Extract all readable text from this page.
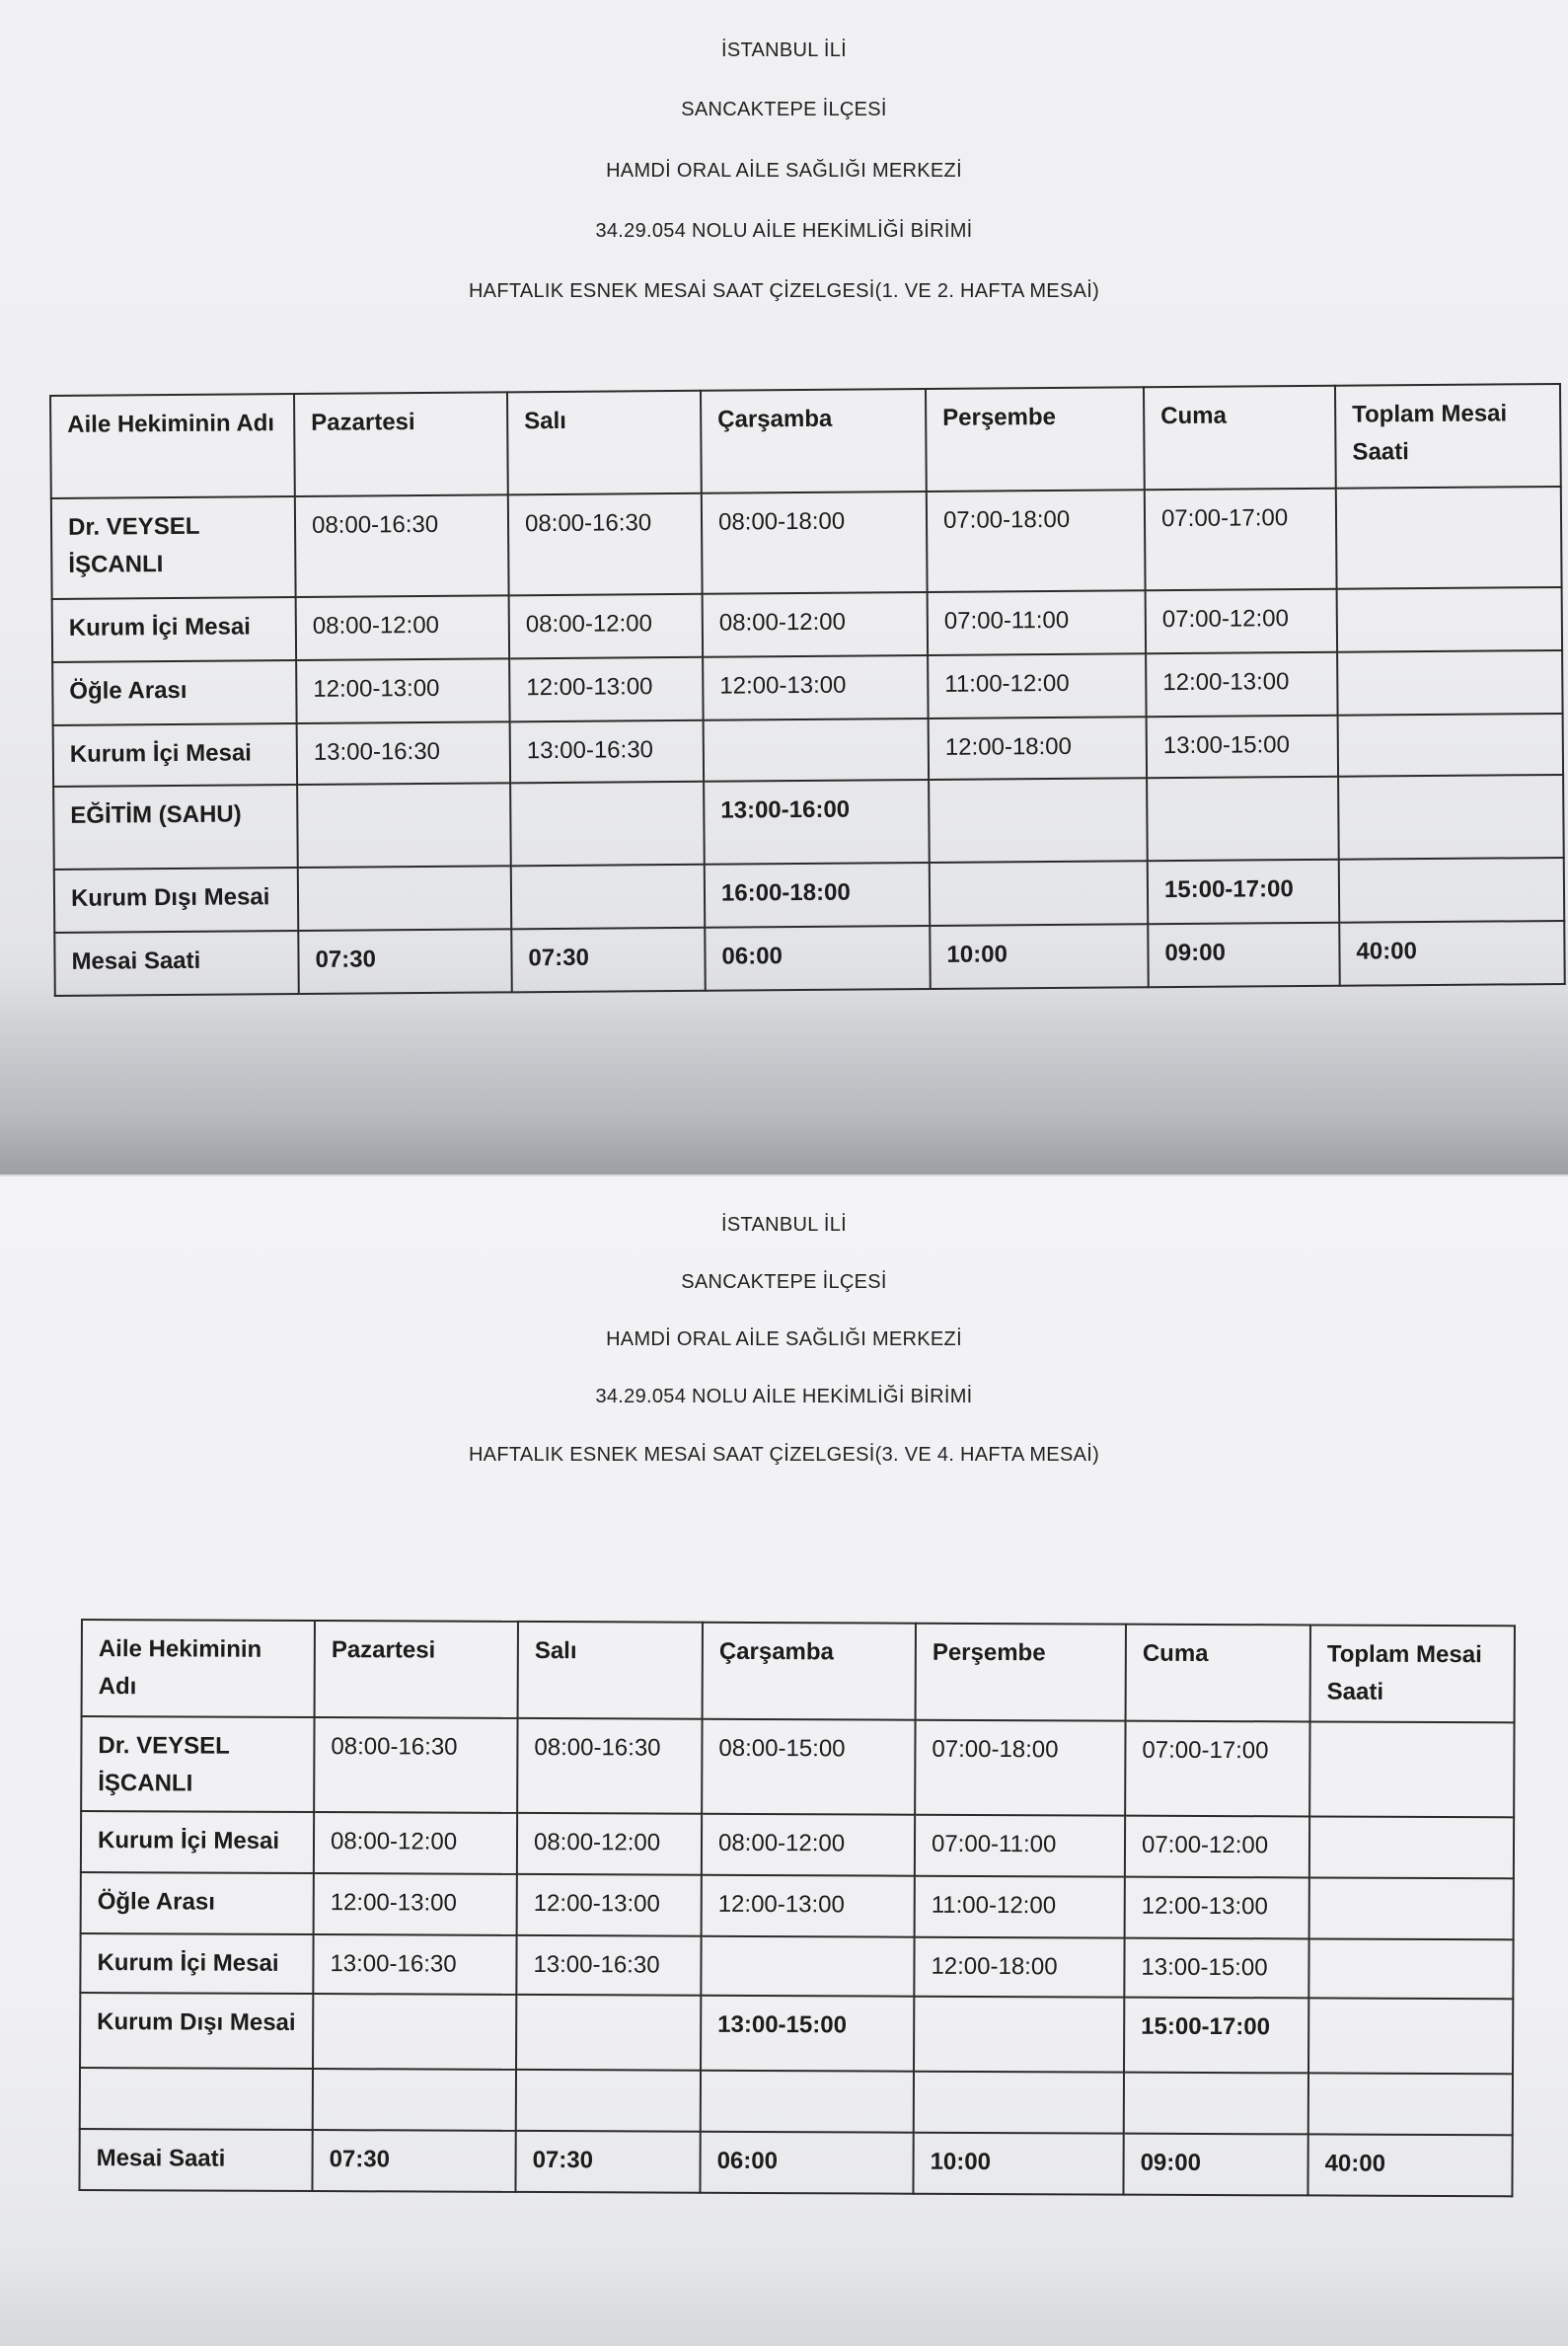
İSTANBUL İLİ
SANCAKTEPE İLÇESİ
HAMDİ ORAL AİLE SAĞLIĞI MERKEZİ
34.29.054 NOLU AİLE HEKİMLİĞİ BİRİMİ
HAFTALIK ESNEK MESAİ SAAT ÇİZELGESİ(1. VE 2. HAFTA MESAİ)
Aile Hekiminin Adı	Pazartesi	Salı	Çarşamba	Perşembe	Cuma	Toplam Mesai Saati
Dr. VEYSEL İŞCANLI	08:00-16:30	08:00-16:30	08:00-18:00	07:00-18:00	07:00-17:00	
Kurum İçi Mesai	08:00-12:00	08:00-12:00	08:00-12:00	07:00-11:00	07:00-12:00	
Öğle Arası	12:00-13:00	12:00-13:00	12:00-13:00	11:00-12:00	12:00-13:00	
Kurum İçi Mesai	13:00-16:30	13:00-16:30		12:00-18:00	13:00-15:00	
EĞİTİM (SAHU)			13:00-16:00			
Kurum Dışı Mesai			16:00-18:00		15:00-17:00	
Mesai Saati	07:30	07:30	06:00	10:00	09:00	40:00
İSTANBUL İLİ
SANCAKTEPE İLÇESİ
HAMDİ ORAL AİLE SAĞLIĞI MERKEZİ
34.29.054 NOLU AİLE HEKİMLİĞİ BİRİMİ
HAFTALIK ESNEK MESAİ SAAT ÇİZELGESİ(3. VE 4. HAFTA MESAİ)
Aile Hekiminin Adı	Pazartesi	Salı	Çarşamba	Perşembe	Cuma	Toplam Mesai Saati
Dr. VEYSEL İŞCANLI	08:00-16:30	08:00-16:30	08:00-15:00	07:00-18:00	07:00-17:00	
Kurum İçi Mesai	08:00-12:00	08:00-12:00	08:00-12:00	07:00-11:00	07:00-12:00	
Öğle Arası	12:00-13:00	12:00-13:00	12:00-13:00	11:00-12:00	12:00-13:00	
Kurum İçi Mesai	13:00-16:30	13:00-16:30		12:00-18:00	13:00-15:00	
Kurum Dışı Mesai			13:00-15:00		15:00-17:00	

Mesai Saati	07:30	07:30	06:00	10:00	09:00	40:00
